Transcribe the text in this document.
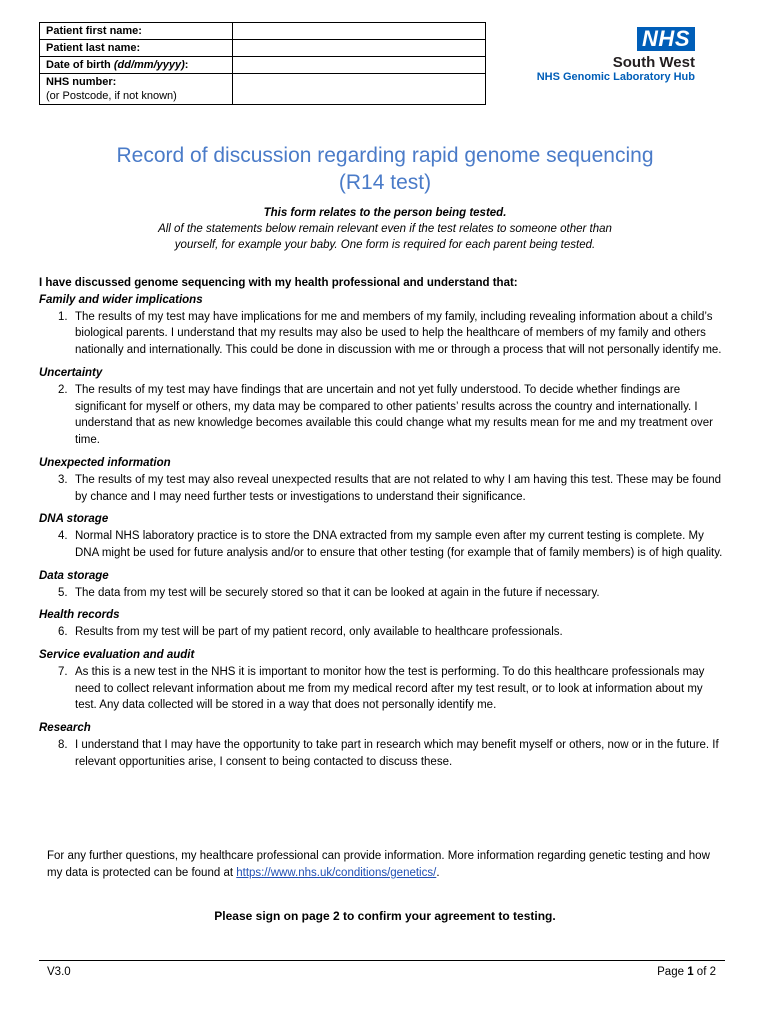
Patient first name:	
Patient last name:	
Date of birth (dd/mm/yyyy):	
NHS number:
(or Postcode, if not known)	

NHS
South West
NHS Genomic Laboratory Hub
Record of discussion regarding rapid genome sequencing
(R14 test)
This form relates to the person being tested.
All of the statements below remain relevant even if the test relates to someone other than
yourself, for example your baby. One form is required for each parent being tested.
I have discussed genome sequencing with my health professional and understand that:
Family and wider implications
1. The results of my test may have implications for me and members of my family, including revealing information about a child’s biological parents. I understand that my results may also be used to help the healthcare of members of my family and others nationally and internationally. This could be done in discussion with me or through a process that will not personally identify me.
Uncertainty
2. The results of my test may have findings that are uncertain and not yet fully understood. To decide whether findings are significant for myself or others, my data may be compared to other patients’ results across the country and internationally. I understand that as new knowledge becomes available this could change what my results mean for me and my treatment over time.
Unexpected information
3. The results of my test may also reveal unexpected results that are not related to why I am having this test. These may be found by chance and I may need further tests or investigations to understand their significance.
DNA storage
4. Normal NHS laboratory practice is to store the DNA extracted from my sample even after my current testing is complete. My DNA might be used for future analysis and/or to ensure that other testing (for example that of family members) is of high quality.
Data storage
5. The data from my test will be securely stored so that it can be looked at again in the future if necessary.
Health records
6. Results from my test will be part of my patient record, only available to healthcare professionals.
Service evaluation and audit
7. As this is a new test in the NHS it is important to monitor how the test is performing. To do this healthcare professionals may need to collect relevant information about me from my medical record after my test result, or to look at information about my test. Any data collected will be stored in a way that does not personally identify me.
Research
8. I understand that I may have the opportunity to take part in research which may benefit myself or others, now or in the future. If relevant opportunities arise, I consent to being contacted to discuss these.
For any further questions, my healthcare professional can provide information. More information regarding genetic testing and how my data is protected can be found at https://www.nhs.uk/conditions/genetics/.
Please sign on page 2 to confirm your agreement to testing.
V3.0	Page 1 of 2
